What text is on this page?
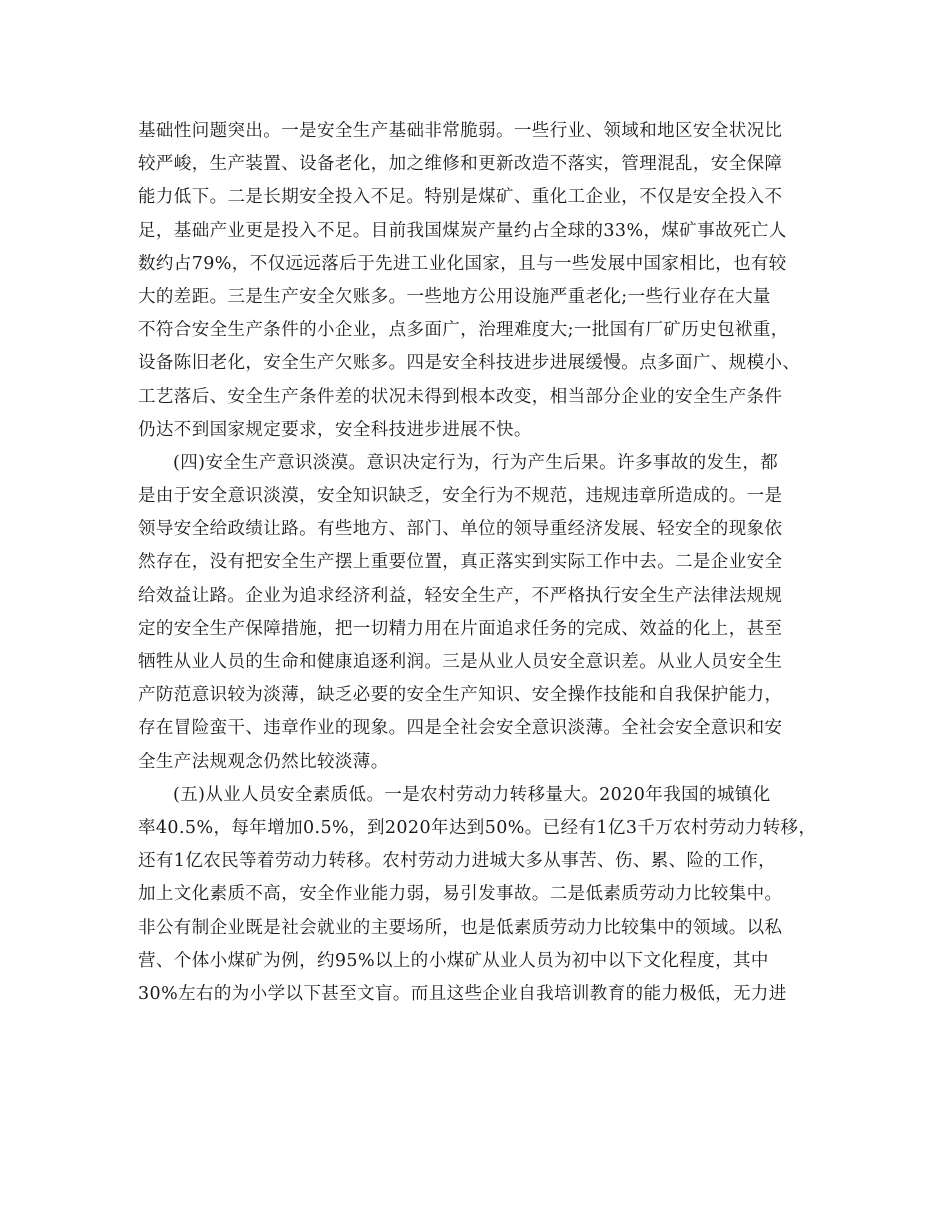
基础性问题突出。一是安全生产基础非常脆弱。一些行业、领域和地区安全状况比
较严峻，生产装置、设备老化，加之维修和更新改造不落实，管理混乱，安全保障
能力低下。二是长期安全投入不足。特别是煤矿、重化工企业，不仅是安全投入不
足，基础产业更是投入不足。目前我国煤炭产量约占全球的33%，煤矿事故死亡人
数约占79%，不仅远远落后于先进工业化国家，且与一些发展中国家相比，也有较
大的差距。三是生产安全欠账多。一些地方公用设施严重老化;一些行业存在大量
不符合安全生产条件的小企业，点多面广，治理难度大;一批国有厂矿历史包袱重，
设备陈旧老化，安全生产欠账多。四是安全科技进步进展缓慢。点多面广、规模小、
工艺落后、安全生产条件差的状况未得到根本改变，相当部分企业的安全生产条件
仍达不到国家规定要求，安全科技进步进展不快。
(四)安全生产意识淡漠。意识决定行为，行为产生后果。许多事故的发生，都
是由于安全意识淡漠，安全知识缺乏，安全行为不规范，违规违章所造成的。一是
领导安全给政绩让路。有些地方、部门、单位的领导重经济发展、轻安全的现象依
然存在，没有把安全生产摆上重要位置，真正落实到实际工作中去。二是企业安全
给效益让路。企业为追求经济利益，轻安全生产，不严格执行安全生产法律法规规
定的安全生产保障措施，把一切精力用在片面追求任务的完成、效益的化上，甚至
牺牲从业人员的生命和健康追逐利润。三是从业人员安全意识差。从业人员安全生
产防范意识较为淡薄，缺乏必要的安全生产知识、安全操作技能和自我保护能力，
存在冒险蛮干、违章作业的现象。四是全社会安全意识淡薄。全社会安全意识和安
全生产法规观念仍然比较淡薄。
(五)从业人员安全素质低。一是农村劳动力转移量大。2020年我国的城镇化
率40.5%，每年增加0.5%，到2020年达到50%。已经有1亿3千万农村劳动力转移，
还有1亿农民等着劳动力转移。农村劳动力进城大多从事苦、伤、累、险的工作，
加上文化素质不高，安全作业能力弱，易引发事故。二是低素质劳动力比较集中。
非公有制企业既是社会就业的主要场所，也是低素质劳动力比较集中的领域。以私
营、个体小煤矿为例，约95%以上的小煤矿从业人员为初中以下文化程度，其中
30%左右的为小学以下甚至文盲。而且这些企业自我培训教育的能力极低，无力进
